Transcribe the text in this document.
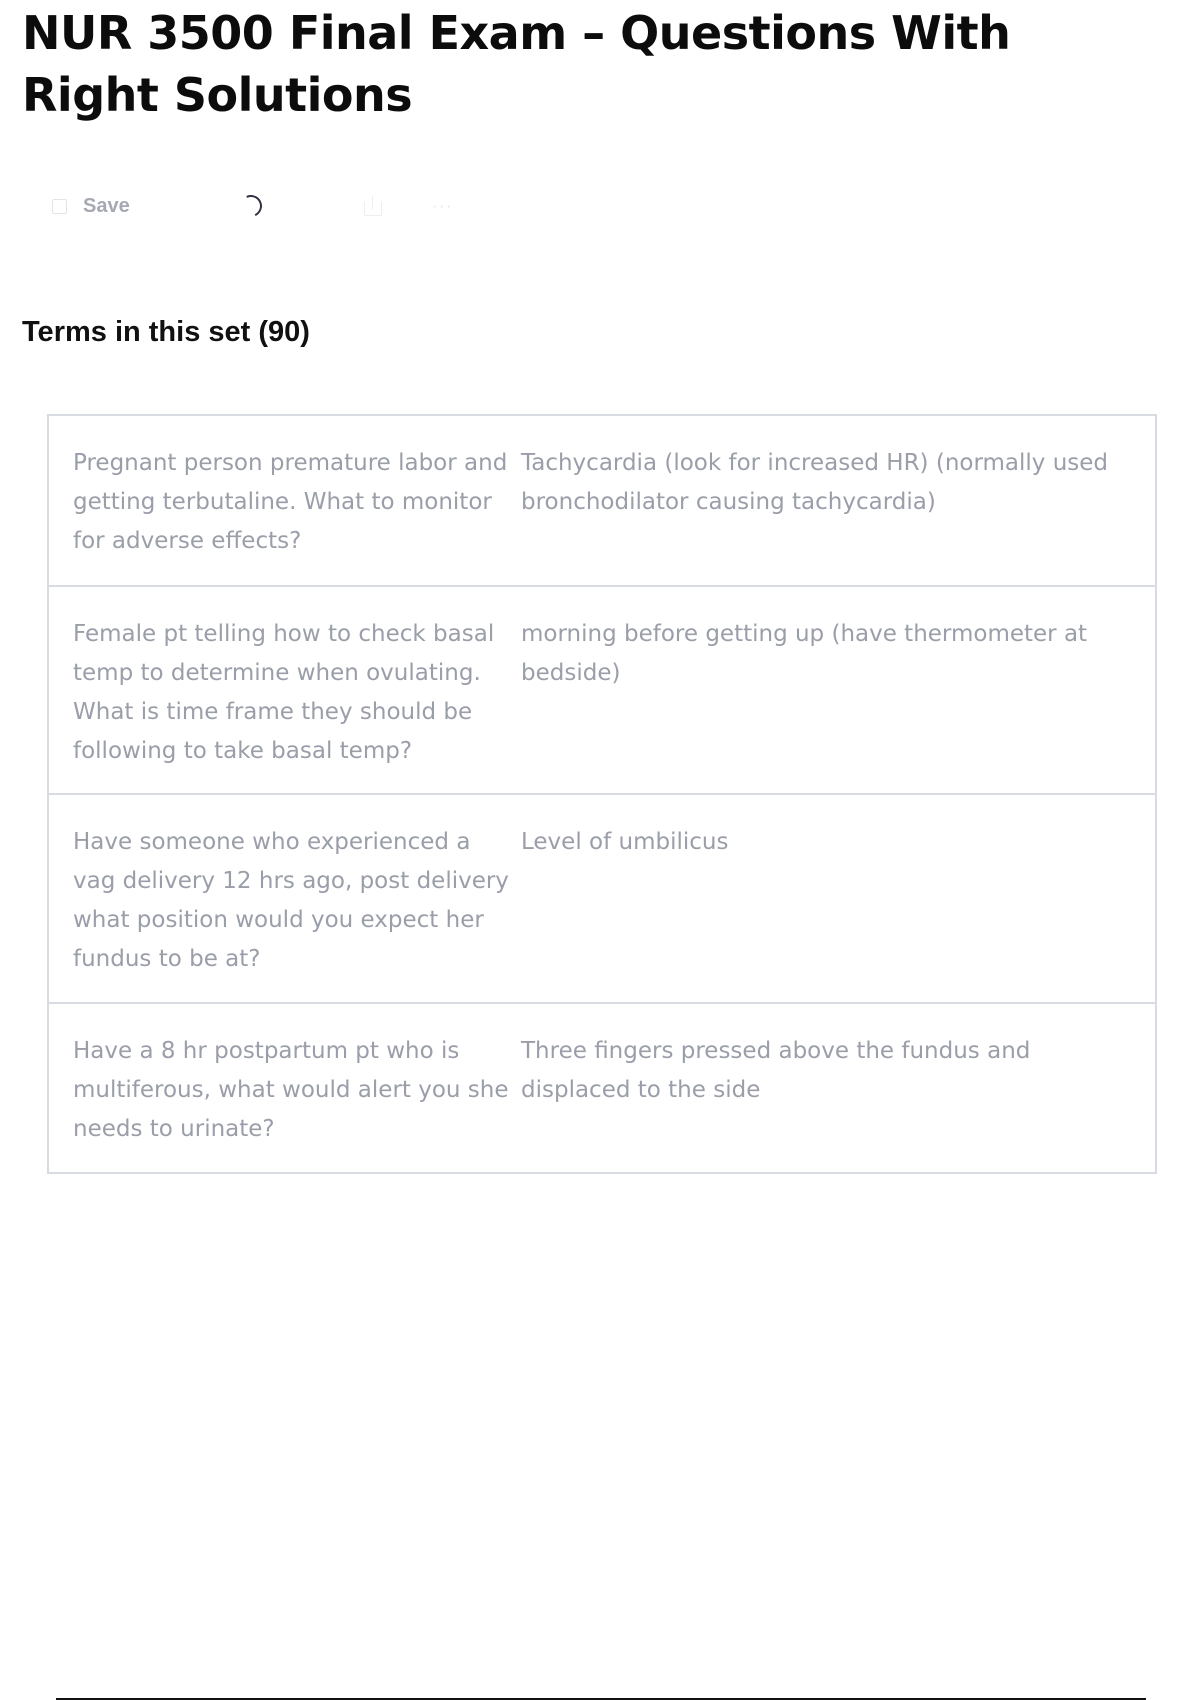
NUR 3500 Final Exam – Questions With Right Solutions
Save	···
Terms in this set (90)
Pregnant person premature labor and getting terbutaline. What to monitor for adverse effects?
Tachycardia (look for increased HR) (normally used bronchodilator causing tachycardia)
Female pt telling how to check basal temp to determine when ovulating. What is time frame they should be following to take basal temp?
morning before getting up (have thermometer at bedside)
Have someone who experienced a vag delivery 12 hrs ago, post delivery what position would you expect her fundus to be at?
Level of umbilicus
Have a 8 hr postpartum pt who is multiferous, what would alert you she needs to urinate?
Three fingers pressed above the fundus and displaced to the side
